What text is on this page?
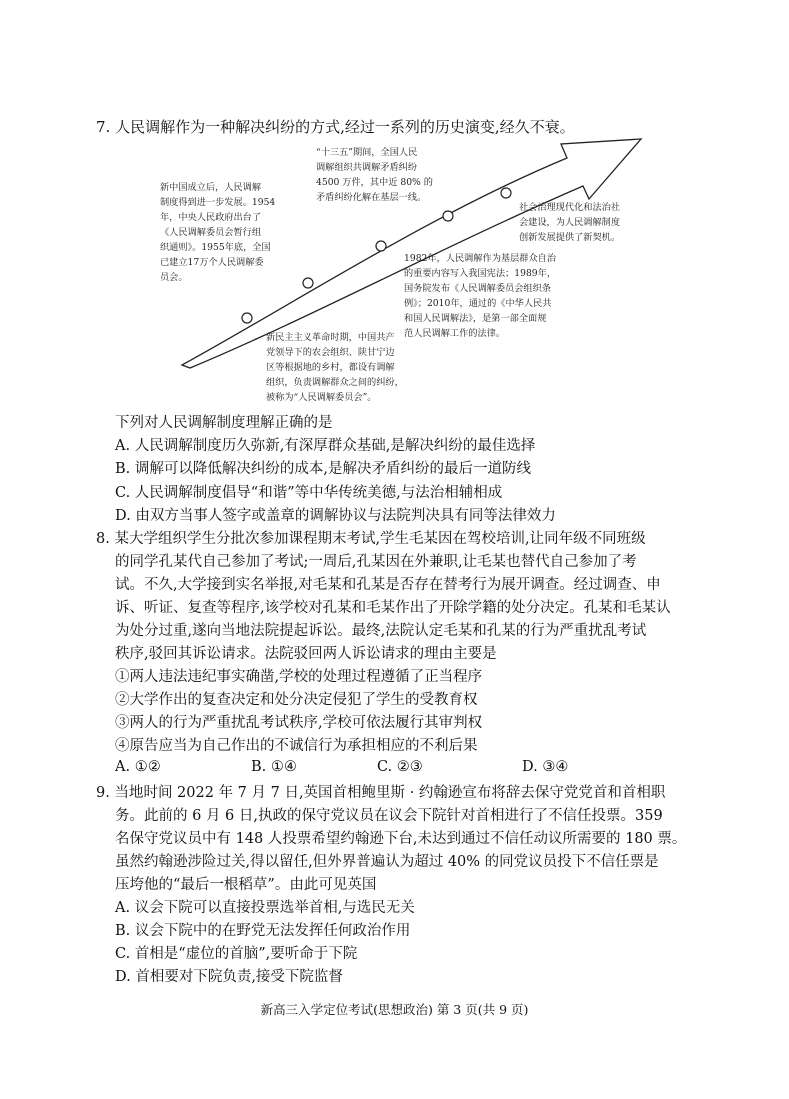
7. 人民调解作为一种解决纠纷的方式,经过一系列的历史演变,经久不衰。
新中国成立后，人民调解
制度得到进一步发展。1954
年，中央人民政府出台了
《人民调解委员会暂行组
织通则》。1955年底，全国
已建立17万个人民调解委
员会。
“十三五”期间，全国人民
调解组织共调解矛盾纠纷
4500 万件，其中近 80% 的
矛盾纠纷化解在基层一线。
社会治理现代化和法治社
会建设，为人民调解制度
创新发展提供了新契机。
1982年，人民调解作为基层群众自治
的重要内容写入我国宪法；1989年，
国务院发布《人民调解委员会组织条
例》；2010年，通过的《中华人民共
和国人民调解法》，是第一部全面规
范人民调解工作的法律。
新民主主义革命时期，中国共产
党领导下的农会组织、陕甘宁边
区等根据地的乡村，都设有调解
组织，负责调解群众之间的纠纷，
被称为“人民调解委员会”。
下列对人民调解制度理解正确的是
A. 人民调解制度历久弥新,有深厚群众基础,是解决纠纷的最佳选择
B. 调解可以降低解决纠纷的成本,是解决矛盾纠纷的最后一道防线
C. 人民调解制度倡导“和谐”等中华传统美德,与法治相辅相成
D. 由双方当事人签字或盖章的调解协议与法院判决具有同等法律效力
8. 某大学组织学生分批次参加课程期末考试,学生毛某因在驾校培训,让同年级不同班级
的同学孔某代自己参加了考试;一周后,孔某因在外兼职,让毛某也替代自己参加了考
试。不久,大学接到实名举报,对毛某和孔某是否存在替考行为展开调查。经过调查、申
诉、听证、复查等程序,该学校对孔某和毛某作出了开除学籍的处分决定。孔某和毛某认
为处分过重,遂向当地法院提起诉讼。最终,法院认定毛某和孔某的行为严重扰乱考试
秩序,驳回其诉讼请求。法院驳回两人诉讼请求的理由主要是
①两人违法违纪事实确凿,学校的处理过程遵循了正当程序
②大学作出的复查决定和处分决定侵犯了学生的受教育权
③两人的行为严重扰乱考试秩序,学校可依法履行其审判权
④原告应当为自己作出的不诚信行为承担相应的不利后果
A. ①②	B. ①④	C. ②③	D. ③④
9. 当地时间 2022 年 7 月 7 日,英国首相鲍里斯 · 约翰逊宣布将辞去保守党党首和首相职
务。此前的 6 月 6 日,执政的保守党议员在议会下院针对首相进行了不信任投票。359
名保守党议员中有 148 人投票希望约翰逊下台,未达到通过不信任动议所需要的 180 票。
虽然约翰逊涉险过关,得以留任,但外界普遍认为超过 40% 的同党议员投下不信任票是
压垮他的“最后一根稻草”。由此可见英国
A. 议会下院可以直接投票选举首相,与选民无关
B. 议会下院中的在野党无法发挥任何政治作用
C. 首相是“虚位的首脑”,要听命于下院
D. 首相要对下院负责,接受下院监督
新高三入学定位考试(思想政治) 第 3 页(共 9 页)
